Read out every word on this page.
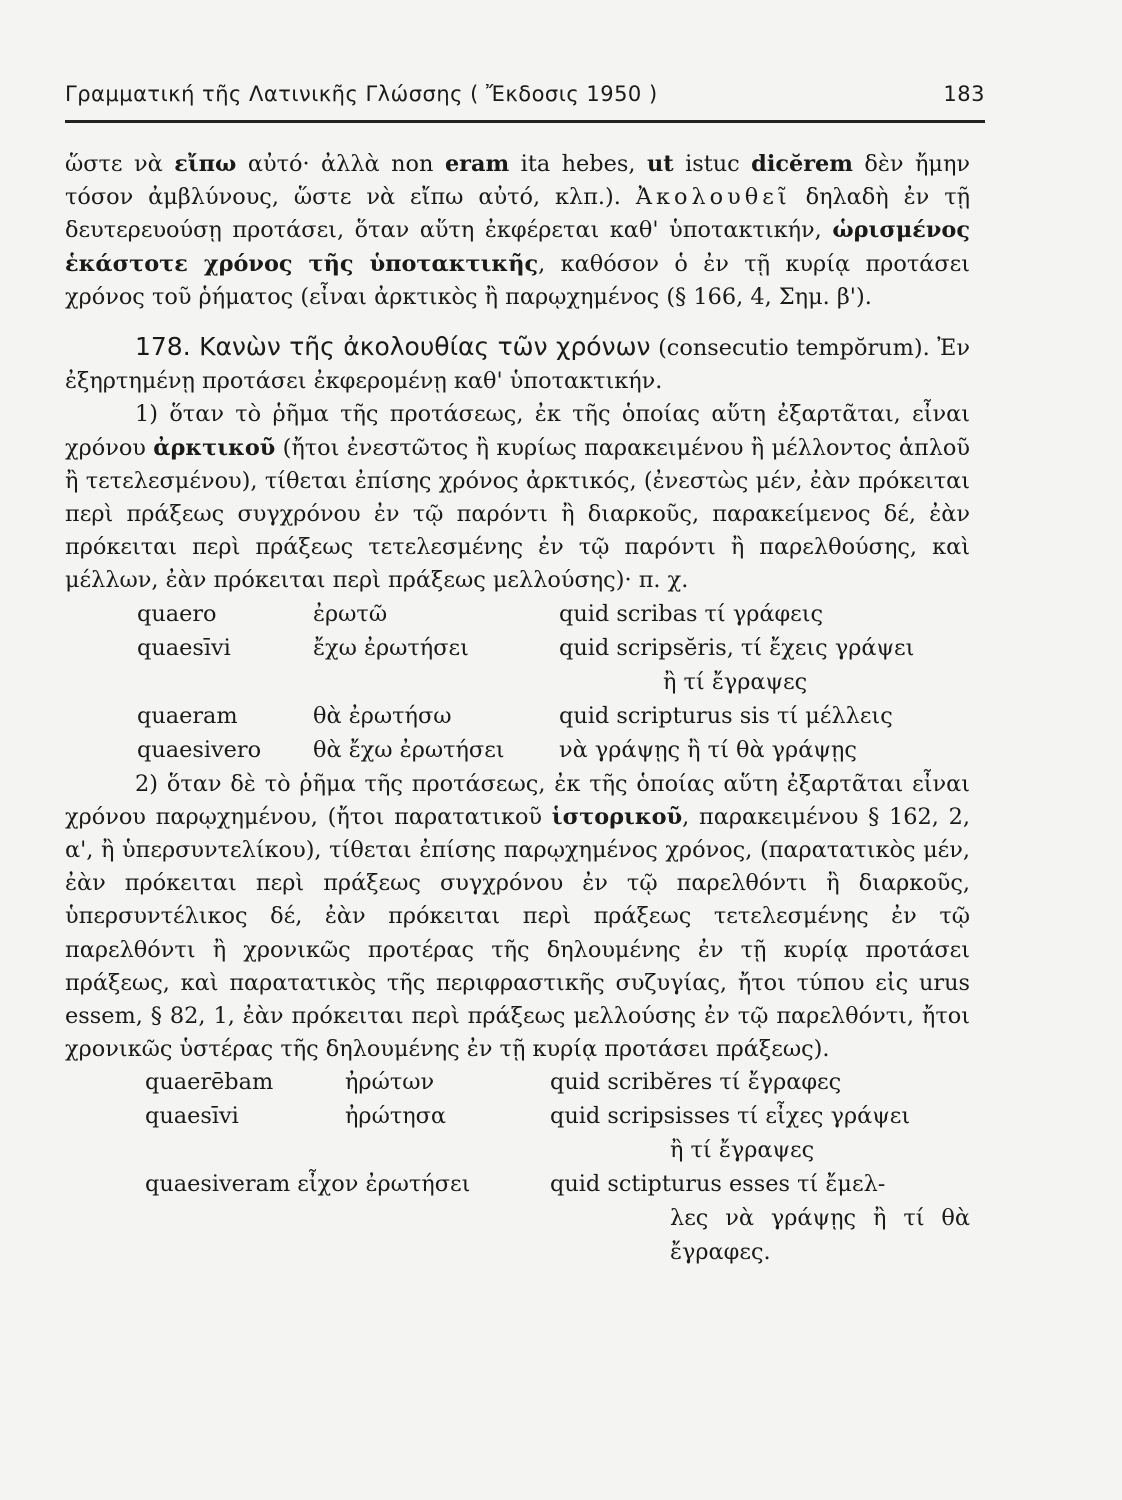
Γραμματική τῆς Λατινικῆς Γλώσσης ( Ἔκδοσις 1950 )	183

ὥστε νὰ εἴπω αὐτό· ἀλλὰ non eram ita hebes, ut istuc dicĕrem δὲν ἤμην τόσον ἀμβλύνους, ὥστε νὰ εἴπω αὐτό, κλπ.). Ἀκολουθεῖ δηλαδὴ ἐν τῇ δευτερευούσῃ προτάσει, ὅταν αὕτη ἐκφέρεται καθ' ὑποτακτικήν, ὡρισμένος ἑκάστοτε χρόνος τῆς ὑποτακτικῆς, καθόσον ὁ ἐν τῇ κυρίᾳ προτάσει χρόνος τοῦ ῥήματος (εἶναι ἀρκτικὸς ἢ παρῳχημένος (§ 166, 4, Σημ. β').

178. Κανὼν τῆς ἀκολουθίας τῶν χρόνων (consecutio tempŏrum). Ἐν ἐξηρτημένῃ προτάσει ἐκφερομένῃ καθ' ὑποτακτικήν.

1) ὅταν τὸ ῥῆμα τῆς προτάσεως, ἐκ τῆς ὁποίας αὕτη ἐξαρτᾶται, εἶναι χρόνου ἀρκτικοῦ (ἤτοι ἐνεστῶτος ἢ κυρίως παρακειμένου ἢ μέλλοντος ἁπλοῦ ἢ τετελεσμένου), τίθεται ἐπίσης χρόνος ἀρκτικός, (ἐνεστὼς μέν, ἐὰν πρόκειται περὶ πράξεως συγχρόνου ἐν τῷ παρόντι ἢ διαρκοῦς, παρακείμενος δέ, ἐὰν πρόκειται περὶ πράξεως τετελεσμένης ἐν τῷ παρόντι ἢ παρελθούσης, καὶ μέλλων, ἐὰν πρόκειται περὶ πράξεως μελλούσης)· π. χ.

quaero	ἐρωτῶ	quid scribas τί γράφεις
quaesīvi	ἔχω ἐρωτήσει	quid scripsĕris, τί ἔχεις γράψει
ἢ τί ἔγραψες
quaeram	θὰ ἐρωτήσω	quid scripturus sis τί μέλλεις
quaesivero	θὰ ἔχω ἐρωτήσει	νὰ γράψῃς ἢ τί θὰ γράψῃς

2) ὅταν δὲ τὸ ῥῆμα τῆς προτάσεως, ἐκ τῆς ὁποίας αὕτη ἐξαρτᾶται εἶναι χρόνου παρῳχημένου, (ἤτοι παρατατικοῦ ἱστορικοῦ, παρακειμένου § 162, 2, α', ἢ ὑπερσυντελίκου), τίθεται ἐπίσης παρῳχημένος χρόνος, (παρατατικὸς μέν, ἐὰν πρόκειται περὶ πράξεως συγχρόνου ἐν τῷ παρελθόντι ἢ διαρκοῦς, ὑπερσυντέλικος δέ, ἐὰν πρόκειται περὶ πράξεως τετελεσμένης ἐν τῷ παρελθόντι ἢ χρονικῶς προτέρας τῆς δηλουμένης ἐν τῇ κυρίᾳ προτάσει πράξεως, καὶ παρατατικὸς τῆς περιφραστικῆς συζυγίας, ἤτοι τύπου εἰς urus essem, § 82, 1, ἐὰν πρόκειται περὶ πράξεως μελλούσης ἐν τῷ παρελθόντι, ἤτοι χρονικῶς ὑστέρας τῆς δηλουμένης ἐν τῇ κυρίᾳ προτάσει πράξεως).

quaerēbam	ἠρώτων	quid scribĕres τί ἔγραφες
quaesīvi	ἠρώτησα	quid scripsisses τί εἶχες γράψει
ἢ τί ἔγραψες
quaesiveram εἶχον ἐρωτήσει	quid sctipturus esses τί ἔμελ-
λες νὰ γράψῃς ἢ τί θὰ ἔγραφες.
